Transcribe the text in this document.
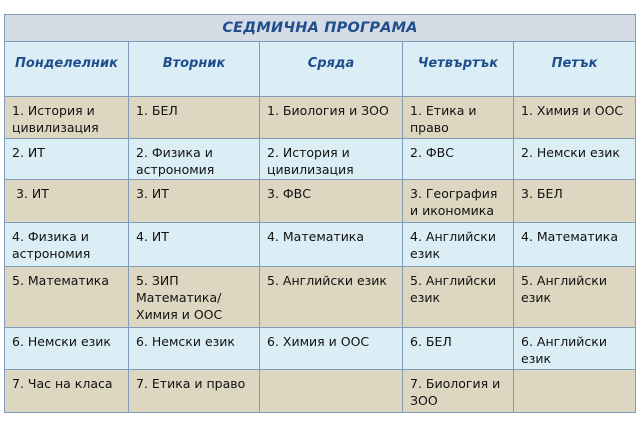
СЕДМИЧНА ПРОГРАМА				
Понделелник	Вторник	Сряда	Четвъртък	Петък
1. История и цивилизация	1. БЕЛ	1. Биология и ЗОО	1. Етика и право	1. Химия и ООС
2. ИТ	2. Физика и астрономия	2. История и цивилизация	2. ФВС	2. Немски език
3. ИТ	3. ИТ	3. ФВС	3. География и икономика	3. БЕЛ
4. Физика и астрономия	4. ИТ	4. Математика	4. Английски език	4. Математика
5. Математика	5. ЗИП Математика/ Химия и ООС	5. Английски език	5. Английски език	5. Английски език
6. Немски език	6. Немски език	6. Химия и ООС	6. БЕЛ	6. Английски език
7. Час на класа	7. Етика и право		7. Биология и ЗОО	
